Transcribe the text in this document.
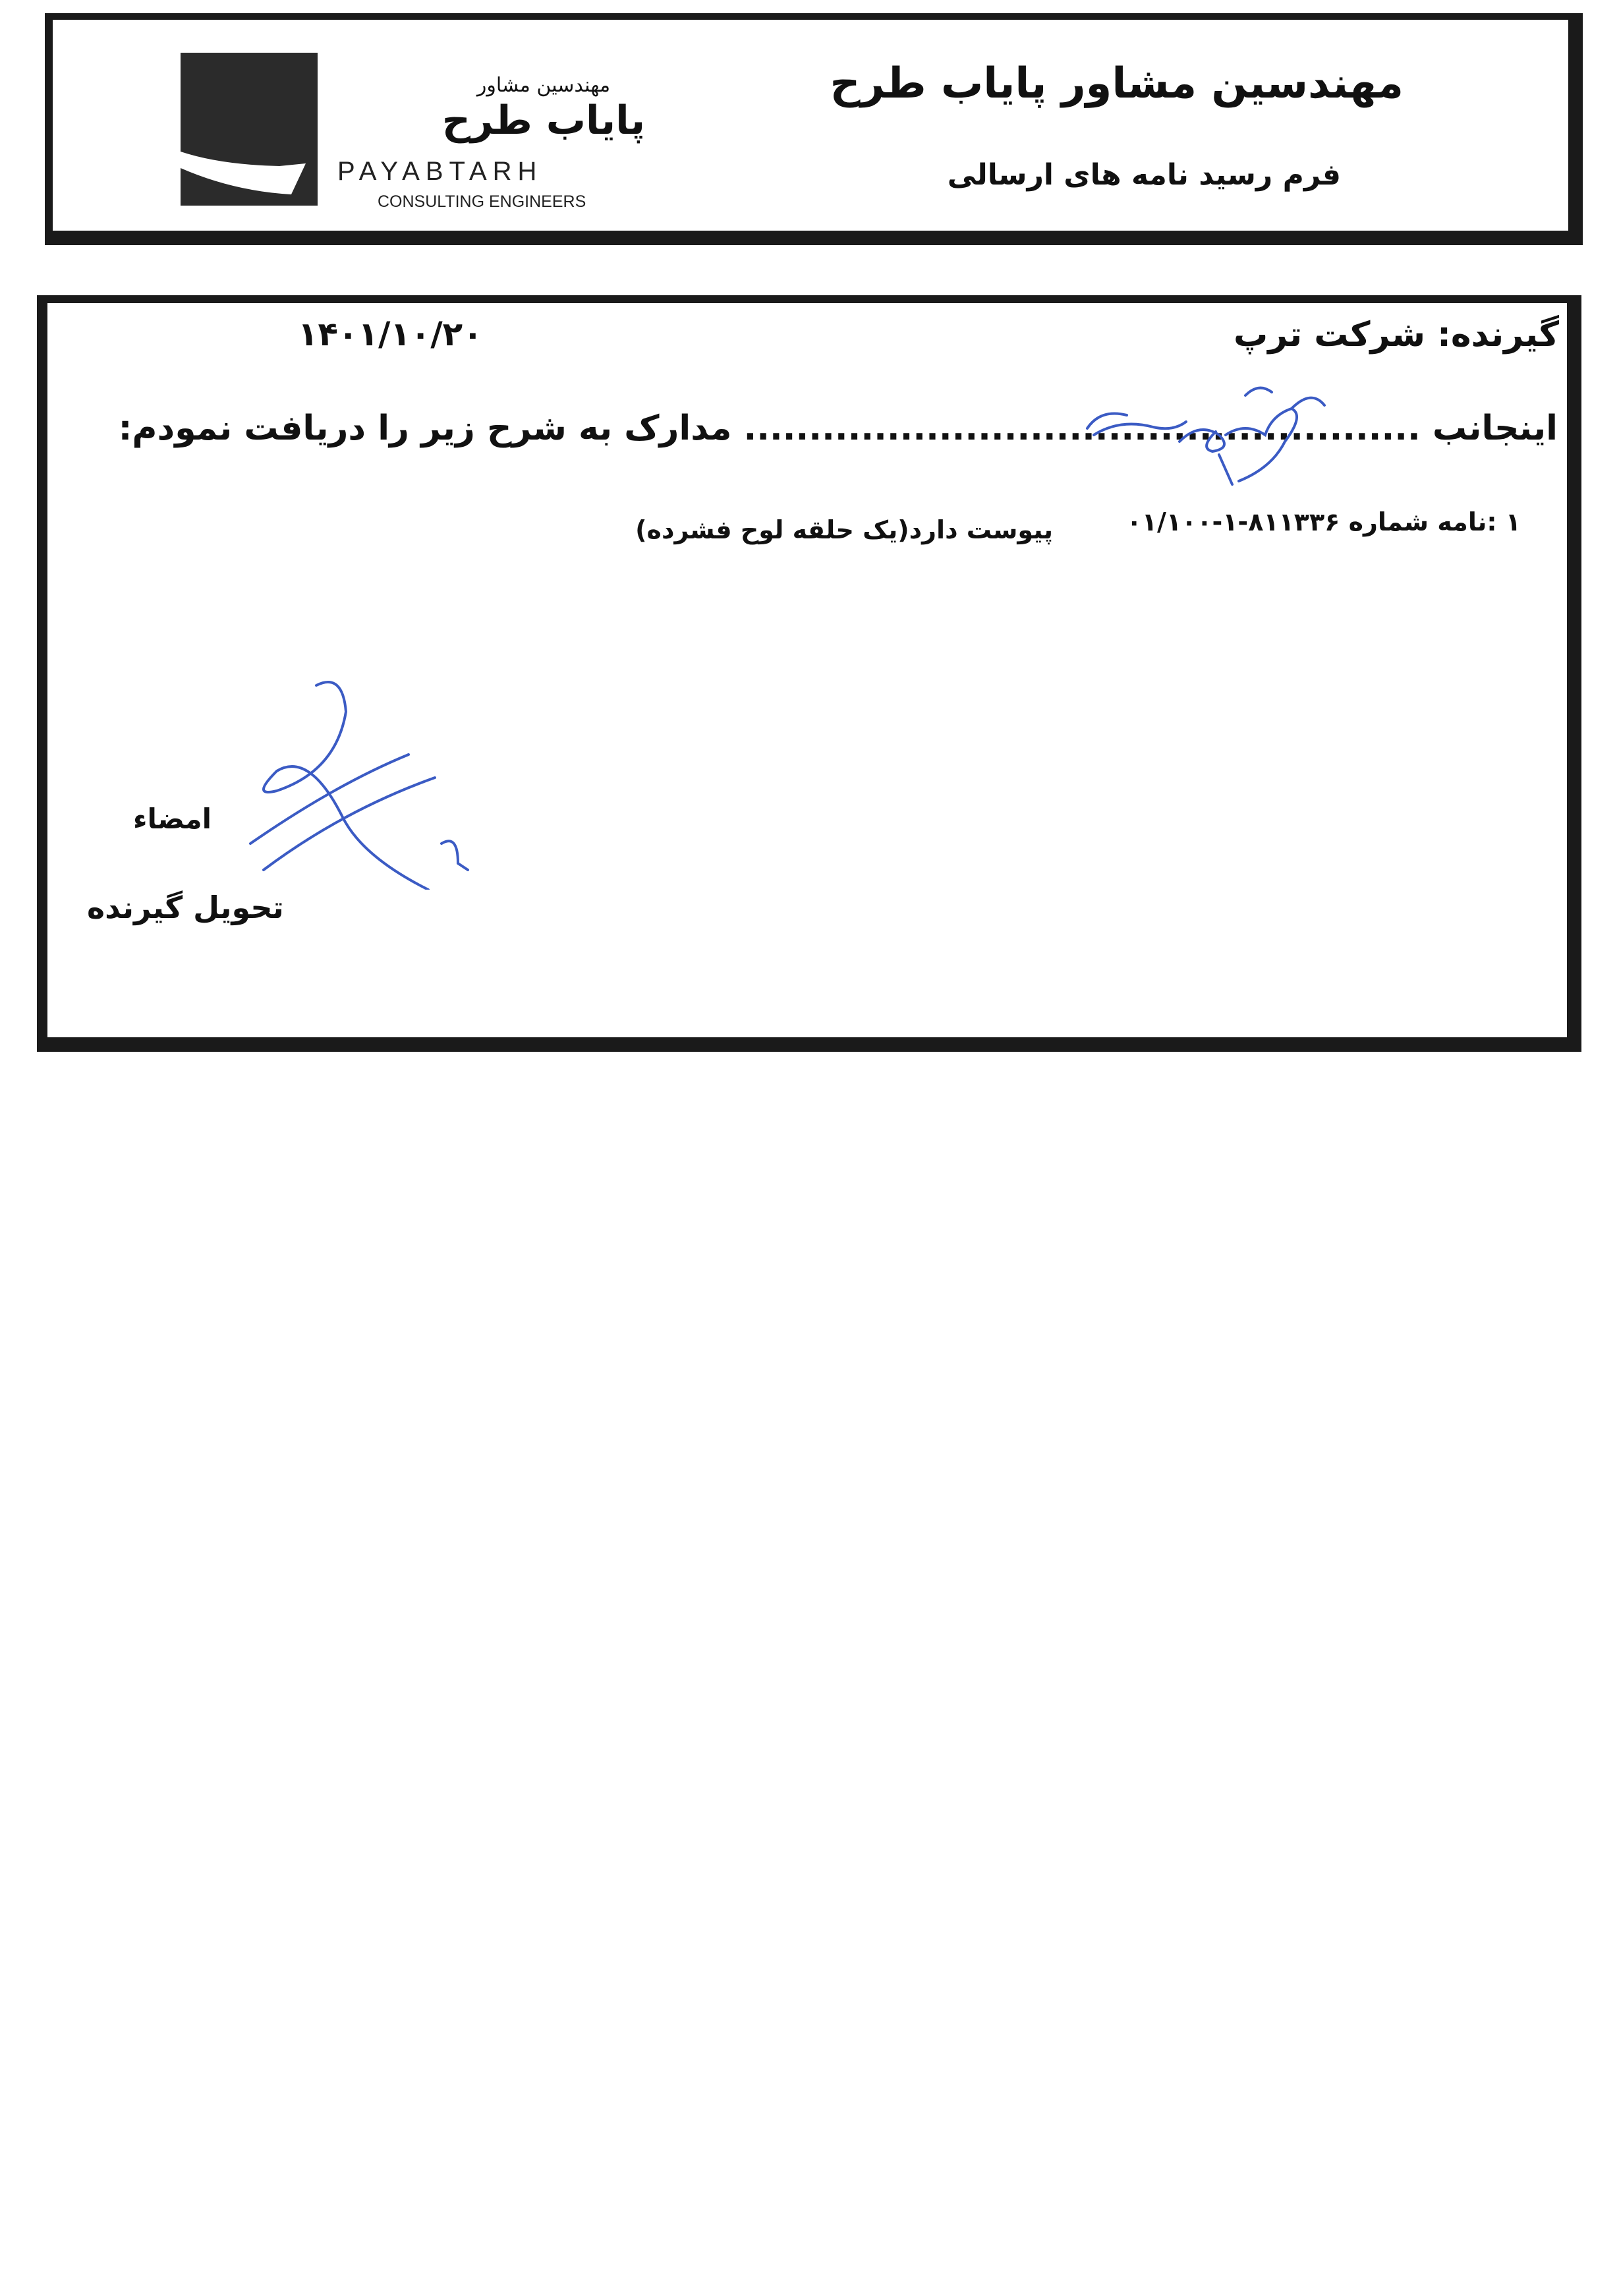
مهندسین مشاور پایاب طرح
فرم رسید نامه های ارسالی
مهندسین مشاور
پایاب طرح
PAYABTARH
CONSULTING ENGINEERS
گیرنده: شرکت ترپ
۱۴۰۱/۱۰/۲۰
اینجانب .................................................... مدارک به شرح زیر را دریافت نمودم:
۱ :نامه شماره ۸‌۱۱۳۳۶-۱-۰۱/۱۰۰
پیوست دارد(یک حلقه لوح فشرده)
امضاء
تحویل گیرنده
